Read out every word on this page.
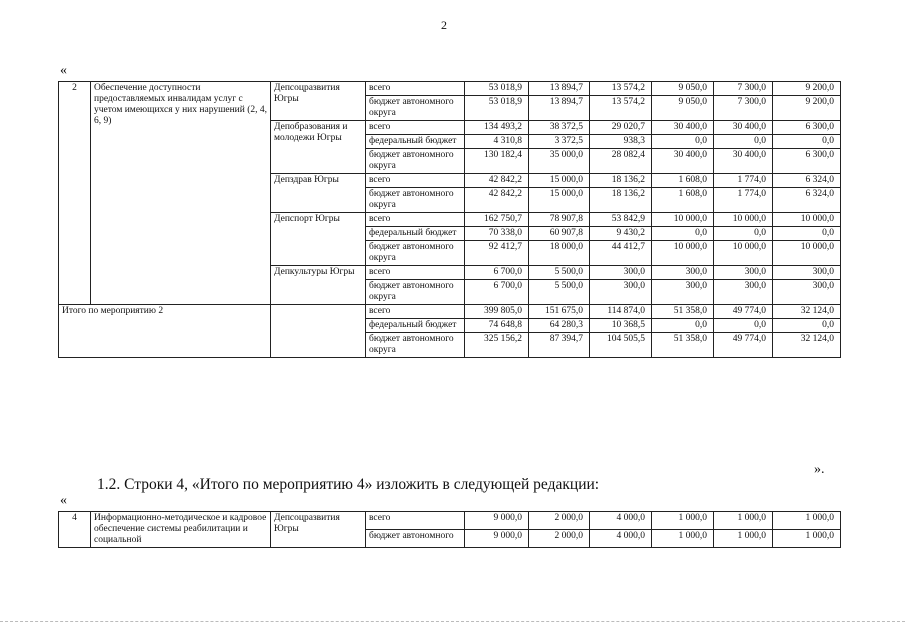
2
«
2	Обеспечение доступности предоставляемых инвалидам услуг с учетом имеющихся у них нарушений (2, 4, 6, 9)	Депсоцразвития Югры	всего	53 018,9	13 894,7	13 574,2	9 050,0	7 300,0	9 200,0
			бюджет автономного округа	53 018,9	13 894,7	13 574,2	9 050,0	7 300,0	9 200,0
		Депобразования и молодежи Югры	всего	134 493,2	38 372,5	29 020,7	30 400,0	30 400,0	6 300,0
			федеральный бюджет	4 310,8	3 372,5	938,3	0,0	0,0	0,0
			бюджет автономного округа	130 182,4	35 000,0	28 082,4	30 400,0	30 400,0	6 300,0
		Депздрав Югры	всего	42 842,2	15 000,0	18 136,2	1 608,0	1 774,0	6 324,0
			бюджет автономного округа	42 842,2	15 000,0	18 136,2	1 608,0	1 774,0	6 324,0
		Депспорт Югры	всего	162 750,7	78 907,8	53 842,9	10 000,0	10 000,0	10 000,0
			федеральный бюджет	70 338,0	60 907,8	9 430,2	0,0	0,0	0,0
			бюджет автономного округа	92 412,7	18 000,0	44 412,7	10 000,0	10 000,0	10 000,0
		Депкультуры Югры	всего	6 700,0	5 500,0	300,0	300,0	300,0	300,0
			бюджет автономного округа	6 700,0	5 500,0	300,0	300,0	300,0	300,0
Итого по мероприятию 2			всего	399 805,0	151 675,0	114 874,0	51 358,0	49 774,0	32 124,0
			федеральный бюджет	74 648,8	64 280,3	10 368,5	0,0	0,0	0,0
			бюджет автономного округа	325 156,2	87 394,7	104 505,5	51 358,0	49 774,0	32 124,0
».
1.2. Строки 4, «Итого по мероприятию 4» изложить в следующей редакции:
«
4	Информационно-методическое и кадровое обеспечение системы реабилитации и социальной	Депсоцразвития Югры	всего	9 000,0	2 000,0	4 000,0	1 000,0	1 000,0	1 000,0
			бюджет автономного	9 000,0	2 000,0	4 000,0	1 000,0	1 000,0	1 000,0
